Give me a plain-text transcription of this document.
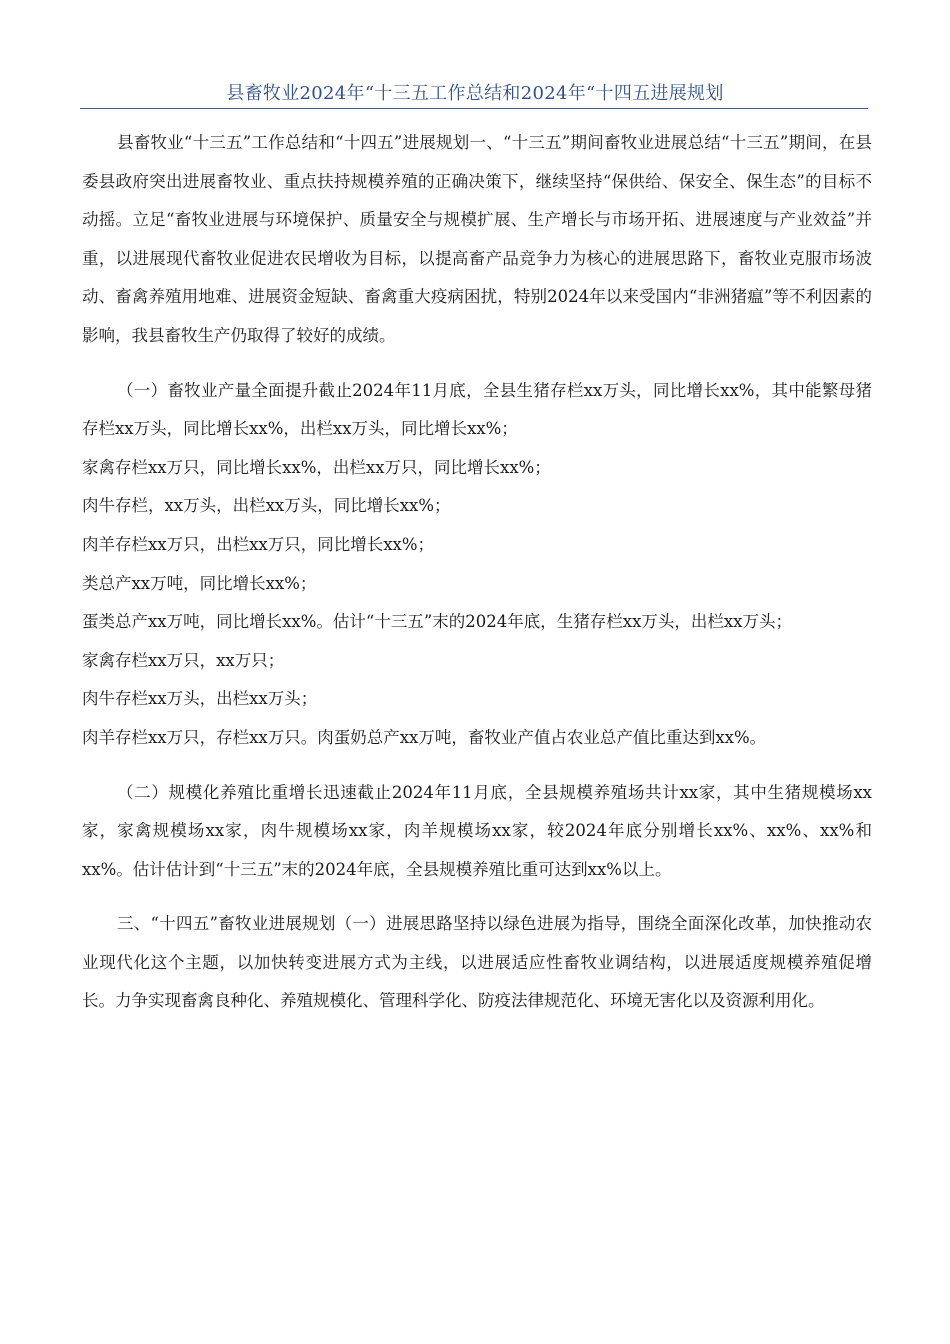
县畜牧业2024年“十三五工作总结和2024年“十四五进展规划

县畜牧业“十三五”工作总结和“十四五”进展规划一、“十三五”期间畜牧业进展总结“十三五”期间，在县委县政府突出进展畜牧业、重点扶持规模养殖的正确决策下，继续坚持“保供给、保安全、保生态”的目标不动摇。立足“畜牧业进展与环境保护、质量安全与规模扩展、生产增长与市场开拓、进展速度与产业效益”并重，以进展现代畜牧业促进农民增收为目标，以提高畜产品竞争力为核心的进展思路下，畜牧业克服市场波动、畜禽养殖用地难、进展资金短缺、畜禽重大疫病困扰，特别2024年以来受国内“非洲猪瘟”等不利因素的影响，我县畜牧生产仍取得了较好的成绩。

（一）畜牧业产量全面提升截止2024年11月底，全县生猪存栏xx万头，同比增长xx%，其中能繁母猪存栏xx万头，同比增长xx%，出栏xx万头，同比增长xx%；

家禽存栏xx万只，同比增长xx%，出栏xx万只，同比增长xx%；

肉牛存栏，xx万头，出栏xx万头，同比增长xx%；

肉羊存栏xx万只，出栏xx万只，同比增长xx%；

类总产xx万吨，同比增长xx%；

蛋类总产xx万吨，同比增长xx%。估计“十三五”末的2024年底，生猪存栏xx万头，出栏xx万头；

家禽存栏xx万只，xx万只；

肉牛存栏xx万头，出栏xx万头；

肉羊存栏xx万只，存栏xx万只。肉蛋奶总产xx万吨，畜牧业产值占农业总产值比重达到xx%。

（二）规模化养殖比重增长迅速截止2024年11月底，全县规模养殖场共计xx家，其中生猪规模场xx家，家禽规模场xx家，肉牛规模场xx家，肉羊规模场xx家，较2024年底分别增长xx%、xx%、xx%和xx%。估计估计到“十三五”末的2024年底，全县规模养殖比重可达到xx%以上。

三、“十四五”畜牧业进展规划（一）进展思路坚持以绿色进展为指导，围绕全面深化改革，加快推动农业现代化这个主题，以加快转变进展方式为主线，以进展适应性畜牧业调结构，以进展适度规模养殖促增长。力争实现畜禽良种化、养殖规模化、管理科学化、防疫法律规范化、环境无害化以及资源利用化。
